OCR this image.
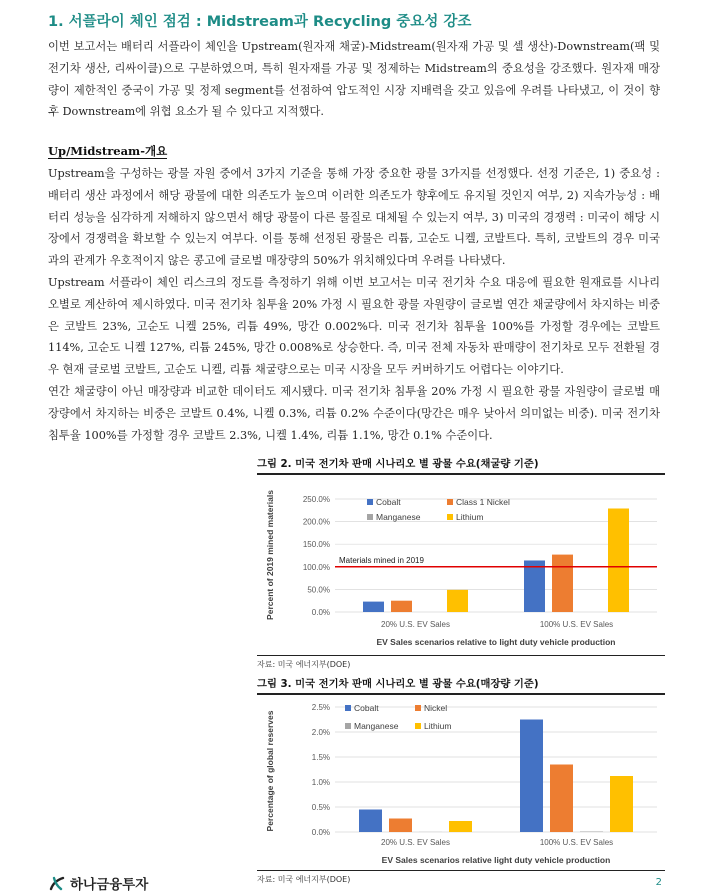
1. 서플라이 체인 점검 : Midstream과 Recycling 중요성 강조

이번 보고서는 배터리 서플라이 체인을 Upstream(원자재 채굴)-Midstream(원자재 가공 및 셀 생산)-Downstream(팩 및 전기차 생산, 리싸이클)으로 구분하였으며, 특히 원자재를 가공 및 정제하는 Midstream의 중요성을 강조했다. 원자재 매장량이 제한적인 중국이 가공 및 정제 segment를 선점하여 압도적인 시장 지배력을 갖고 있음에 우려를 나타냈고, 이 것이 향후 Downstream에 위협 요소가 될 수 있다고 지적했다.

Up/Midstream-개요

Upstream을 구성하는 광물 자원 중에서 3가지 기준을 통해 가장 중요한 광물 3가지를 선정했다. 선정 기준은, 1) 중요성 : 배터리 생산 과정에서 해당 광물에 대한 의존도가 높으며 이러한 의존도가 향후에도 유지될 것인지 여부, 2) 지속가능성 : 배터리 성능을 심각하게 저해하지 않으면서 해당 광물이 다른 물질로 대체될 수 있는지 여부, 3) 미국의 경쟁력 : 미국이 해당 시장에서 경쟁력을 확보할 수 있는지 여부다. 이를 통해 선정된 광물은 리튬, 고순도 니켈, 코발트다. 특히, 코발트의 경우 미국과의 관계가 우호적이지 않은 콩고에 글로벌 매장량의 50%가 위치해있다며 우려를 나타냈다.

Upstream 서플라이 체인 리스크의 정도를 측정하기 위해 이번 보고서는 미국 전기차 수요 대응에 필요한 원재료를 시나리오별로 계산하여 제시하였다. 미국 전기차 침투율 20% 가정 시 필요한 광물 자원량이 글로벌 연간 채굴량에서 차지하는 비중은 코발트 23%, 고순도 니켈 25%, 리튬 49%, 망간 0.002%다. 미국 전기차 침투율 100%를 가정할 경우에는 코발트 114%, 고순도 니켈 127%, 리튬 245%, 망간 0.008%로 상승한다. 즉, 미국 전체 자동차 판매량이 전기차로 모두 전환될 경우 현재 글로벌 코발트, 고순도 니켈, 리튬 채굴량으로는 미국 시장을 모두 커버하기도 어렵다는 이야기다.

연간 채굴량이 아닌 매장량과 비교한 데이터도 제시됐다. 미국 전기차 침투율 20% 가정 시 필요한 광물 자원량이 글로벌 매장량에서 차지하는 비중은 코발트 0.4%, 니켈 0.3%, 리튬 0.2% 수준이다(망간은 매우 낮아서 의미없는 비중). 미국 전기차 침투율 100%를 가정할 경우 코발트 2.3%, 니켈 1.4%, 리튬 1.1%, 망간 0.1% 수준이다.

그림 2. 미국 전기차 판매 시나리오 별 광물 수요(채굴량 기준)

0.0%
50.0%
100.0%
150.0%
200.0%
250.0%
20% U.S. EV Sales	100% U.S. EV Sales
Materials mined in 2019
Cobalt	Class 1 Nickel
Manganese	Lithium
EV Sales scenarios relative to light duty vehicle production
Percent of 2019 mined materials

자료: 미국 에너지부(DOE)

그림 3. 미국 전기차 판매 시나리오 별 광물 수요(매장량 기준)

0.0%
0.5%
1.0%
1.5%
2.0%
2.5%
20% U.S. EV Sales	100% U.S. EV Sales
Cobalt	Nickel
Manganese	Lithium
EV Sales scenarios relative light duty vehicle production
Percentage of global reserves

자료: 미국 에너지부(DOE)

하나금융투자	2
